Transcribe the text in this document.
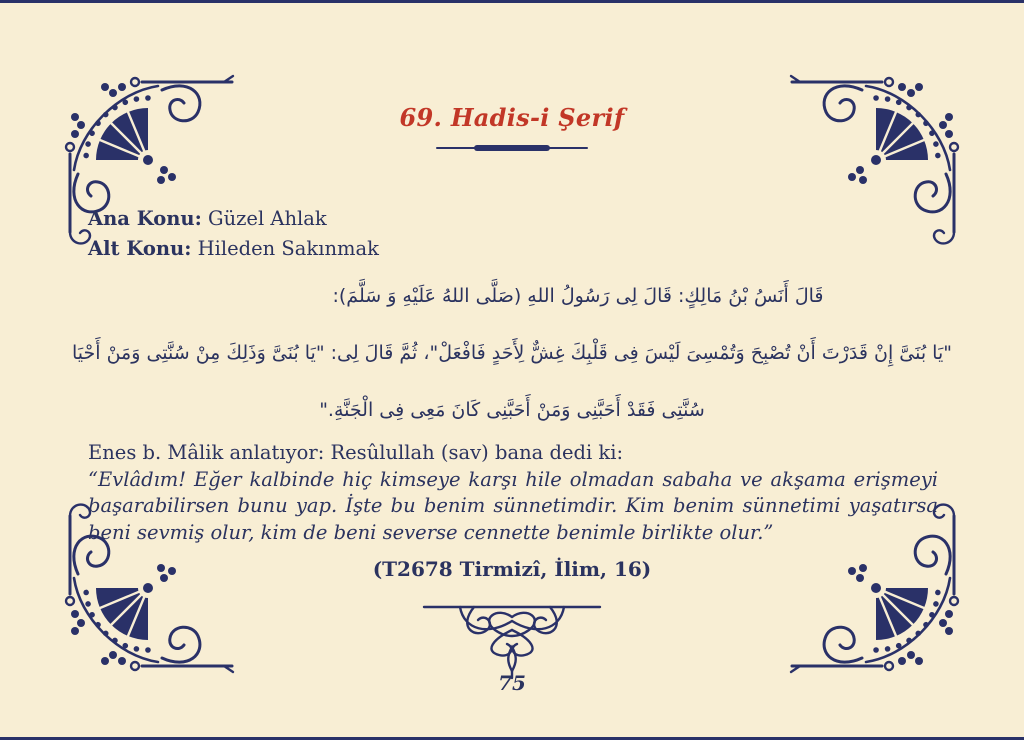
69. Hadis-i Şerif
Ana Konu: Güzel Ahlak
Alt Konu: Hileden Sakınmak
قَالَ أَنَسُ بْنُ مَالِكٍ: قَالَ لِى رَسُولُ اللهِ (صَلَّى اللهُ عَلَيْهِ وَ سَلَّمَ):
"يَا بُنَىَّ إِنْ قَدَرْتَ أَنْ تُصْبِحَ وَتُمْسِىَ لَيْسَ فِى قَلْبِكَ غِشٌّ لِأَحَدٍ فَافْعَلْ"، ثُمَّ قَالَ لِى: "يَا بُنَىَّ وَذَلِكَ مِنْ سُنَّتِى وَمَنْ أَحْيَا
سُنَّتِى فَقَدْ أَحَبَّنِى وَمَنْ أَحَبَّنِى كَانَ مَعِى فِى الْجَنَّةِ."
Enes b. Mâlik anlatıyor: Resûlullah (sav) bana dedi ki:
“Evlâdım! Eğer kalbinde hiç kimseye karşı hile olmadan sabaha ve akşama erişmeyi başarabilirsen bunu yap. İşte bu benim sünnetimdir. Kim benim sünnetimi yaşatırsa beni sevmiş olur, kim de beni severse cennette benimle birlikte olur.”
(T2678 Tirmizî, İlim, 16)
75
